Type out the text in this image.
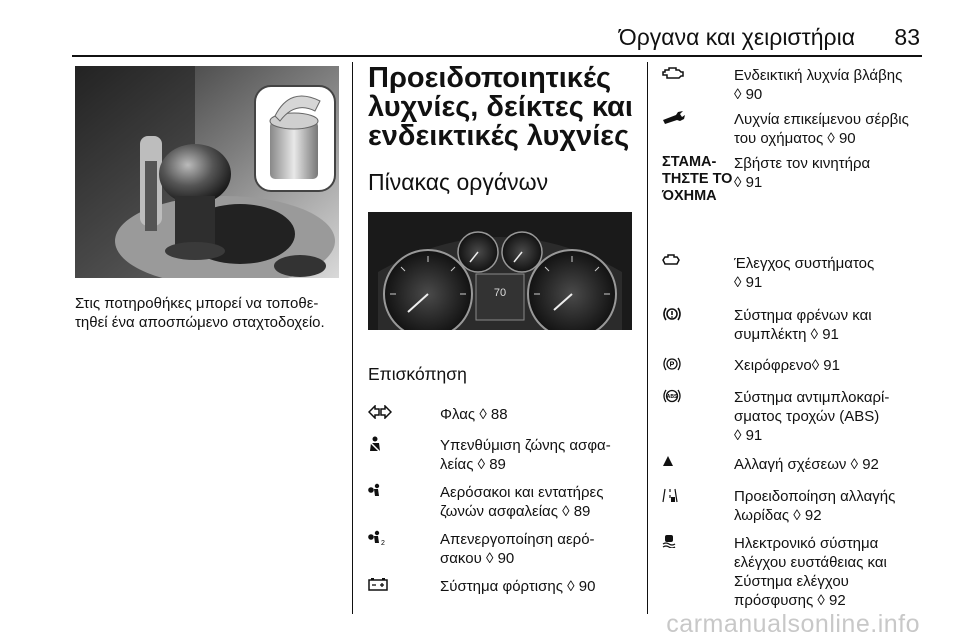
Όργανα και χειριστήρια 83
Στις ποτηροθήκες μπορεί να τοποθε-τηθεί ένα αποσπώμενο σταχτοδοχείο.
Προειδοποιητικές λυχνίες, δείκτες και ενδεικτικές λυχνίες
Πίνακας οργάνων
70
Επισκόπηση
Φλας ◊ 88
Υπενθύμιση ζώνης ασφα-λείας ◊ 89
Αερόσακοι και εντατήρες ζωνών ασφαλείας ◊ 89
2	Απενεργοποίηση αερό-σακου ◊ 90
Σύστημα φόρτισης ◊ 90
Ενδεικτική λυχνία βλάβης
◊ 90
Λυχνία επικείμενου σέρβις του οχήματος ◊ 90
ΣΤΑΜΑ-ΤΗΣΤΕ ΤΟ ΌΧΗΜΑ
Σβήστε τον κινητήρα
◊ 91
Έλεγχος συστήματος
◊ 91
Σύστημα φρένων και συμπλέκτη ◊ 91
P	Χειρόφρενο◊ 91
ABS	Σύστημα αντιμπλοκαρί-σματος τροχών (ABS)
◊ 91
Αλλαγή σχέσεων ◊ 92
Προειδοποίηση αλλαγής λωρίδας ◊ 92
Ηλεκτρονικό σύστημα ελέγχου ευστάθειας και Σύστημα ελέγχου πρόσφυσης ◊ 92
carmanualsonline.info
